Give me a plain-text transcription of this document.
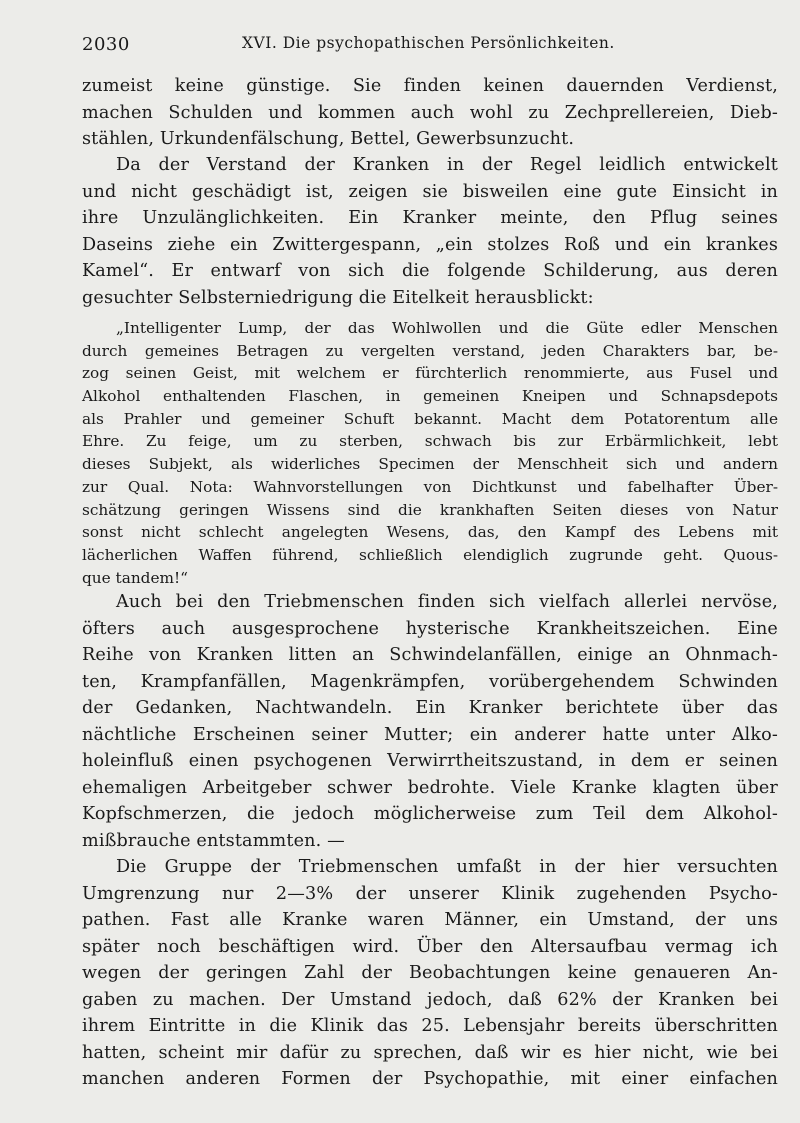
2030	XVI. Die psychopathischen Persönlichkeiten.
zumeist keine günstige. Sie finden keinen dauernden Verdienst,
machen Schulden und kommen auch wohl zu Zechprellereien, Dieb-
stählen, Urkundenfälschung, Bettel, Gewerbsunzucht.
Da der Verstand der Kranken in der Regel leidlich entwickelt
und nicht geschädigt ist, zeigen sie bisweilen eine gute Einsicht in
ihre Unzulänglichkeiten. Ein Kranker meinte, den Pflug seines
Daseins ziehe ein Zwittergespann, „ein stolzes Roß und ein krankes
Kamel“. Er entwarf von sich die folgende Schilderung, aus deren
gesuchter Selbsterniedrigung die Eitelkeit herausblickt:
„Intelligenter Lump, der das Wohlwollen und die Güte edler Menschen
durch gemeines Betragen zu vergelten verstand, jeden Charakters bar, be-
zog seinen Geist, mit welchem er fürchterlich renommierte, aus Fusel und
Alkohol enthaltenden Flaschen, in gemeinen Kneipen und Schnapsdepots
als Prahler und gemeiner Schuft bekannt. Macht dem Potatorentum alle
Ehre. Zu feige, um zu sterben, schwach bis zur Erbärmlichkeit, lebt
dieses Subjekt, als widerliches Specimen der Menschheit sich und andern
zur Qual. Nota: Wahnvorstellungen von Dichtkunst und fabelhafter Über-
schätzung geringen Wissens sind die krankhaften Seiten dieses von Natur
sonst nicht schlecht angelegten Wesens, das, den Kampf des Lebens mit
lächerlichen Waffen führend, schließlich elendiglich zugrunde geht. Quous-
que tandem!“
Auch bei den Triebmenschen finden sich vielfach allerlei nervöse,
öfters auch ausgesprochene hysterische Krankheitszeichen. Eine
Reihe von Kranken litten an Schwindelanfällen, einige an Ohnmach-
ten, Krampfanfällen, Magenkrämpfen, vorübergehendem Schwinden
der Gedanken, Nachtwandeln. Ein Kranker berichtete über das
nächtliche Erscheinen seiner Mutter; ein anderer hatte unter Alko-
holeinfluß einen psychogenen Verwirrtheitszustand, in dem er seinen
ehemaligen Arbeitgeber schwer bedrohte. Viele Kranke klagten über
Kopfschmerzen, die jedoch möglicherweise zum Teil dem Alkohol-
mißbrauche entstammten. —
Die Gruppe der Triebmenschen umfaßt in der hier versuchten
Umgrenzung nur 2—3% der unserer Klinik zugehenden Psycho-
pathen. Fast alle Kranke waren Männer, ein Umstand, der uns
später noch beschäftigen wird. Über den Altersaufbau vermag ich
wegen der geringen Zahl der Beobachtungen keine genaueren An-
gaben zu machen. Der Umstand jedoch, daß 62% der Kranken bei
ihrem Eintritte in die Klinik das 25. Lebensjahr bereits überschritten
hatten, scheint mir dafür zu sprechen, daß wir es hier nicht, wie bei
manchen anderen Formen der Psychopathie, mit einer einfachen
